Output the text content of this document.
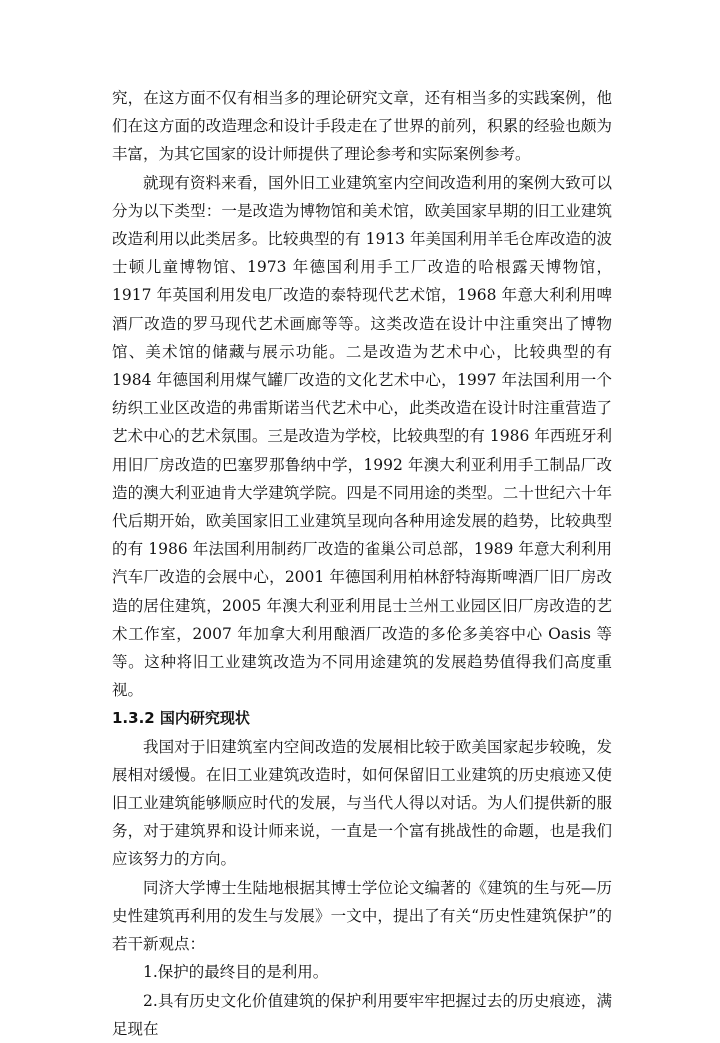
究，在这方面不仅有相当多的理论研究文章，还有相当多的实践案例，他们在这方面的改造理念和设计手段走在了世界的前列，积累的经验也颇为丰富，为其它国家的设计师提供了理论参考和实际案例参考。

就现有资料来看，国外旧工业建筑室内空间改造利用的案例大致可以分为以下类型：一是改造为博物馆和美术馆，欧美国家早期的旧工业建筑改造利用以此类居多。比较典型的有 1913 年美国利用羊毛仓库改造的波士顿儿童博物馆、1973 年德国利用手工厂改造的哈根露天博物馆，1917 年英国利用发电厂改造的泰特现代艺术馆，1968 年意大利利用啤酒厂改造的罗马现代艺术画廊等等。这类改造在设计中注重突出了博物馆、美术馆的储藏与展示功能。二是改造为艺术中心，比较典型的有 1984 年德国利用煤气罐厂改造的文化艺术中心，1997 年法国利用一个纺织工业区改造的弗雷斯诺当代艺术中心，此类改造在设计时注重营造了艺术中心的艺术氛围。三是改造为学校，比较典型的有 1986 年西班牙利用旧厂房改造的巴塞罗那鲁纳中学，1992 年澳大利亚利用手工制品厂改造的澳大利亚迪肯大学建筑学院。四是不同用途的类型。二十世纪六十年代后期开始，欧美国家旧工业建筑呈现向各种用途发展的趋势，比较典型的有 1986 年法国利用制药厂改造的雀巢公司总部，1989 年意大利利用汽车厂改造的会展中心，2001 年德国利用柏林舒特海斯啤酒厂旧厂房改造的居住建筑，2005 年澳大利亚利用昆士兰州工业园区旧厂房改造的艺术工作室，2007 年加拿大利用酿酒厂改造的多伦多美容中心 Oasis 等等。这种将旧工业建筑改造为不同用途建筑的发展趋势值得我们高度重视。

1.3.2 国内研究现状

我国对于旧建筑室内空间改造的发展相比较于欧美国家起步较晚，发展相对缓慢。在旧工业建筑改造时，如何保留旧工业建筑的历史痕迹又使旧工业建筑能够顺应时代的发展，与当代人得以对话。为人们提供新的服务，对于建筑界和设计师来说，一直是一个富有挑战性的命题，也是我们应该努力的方向。

同济大学博士生陆地根据其博士学位论文编著的《建筑的生与死—历史性建筑再利用的发生与发展》一文中，提出了有关“历史性建筑保护”的若干新观点：

1.保护的最终目的是利用。

2.具有历史文化价值建筑的保护利用要牢牢把握过去的历史痕迹，满足现在
